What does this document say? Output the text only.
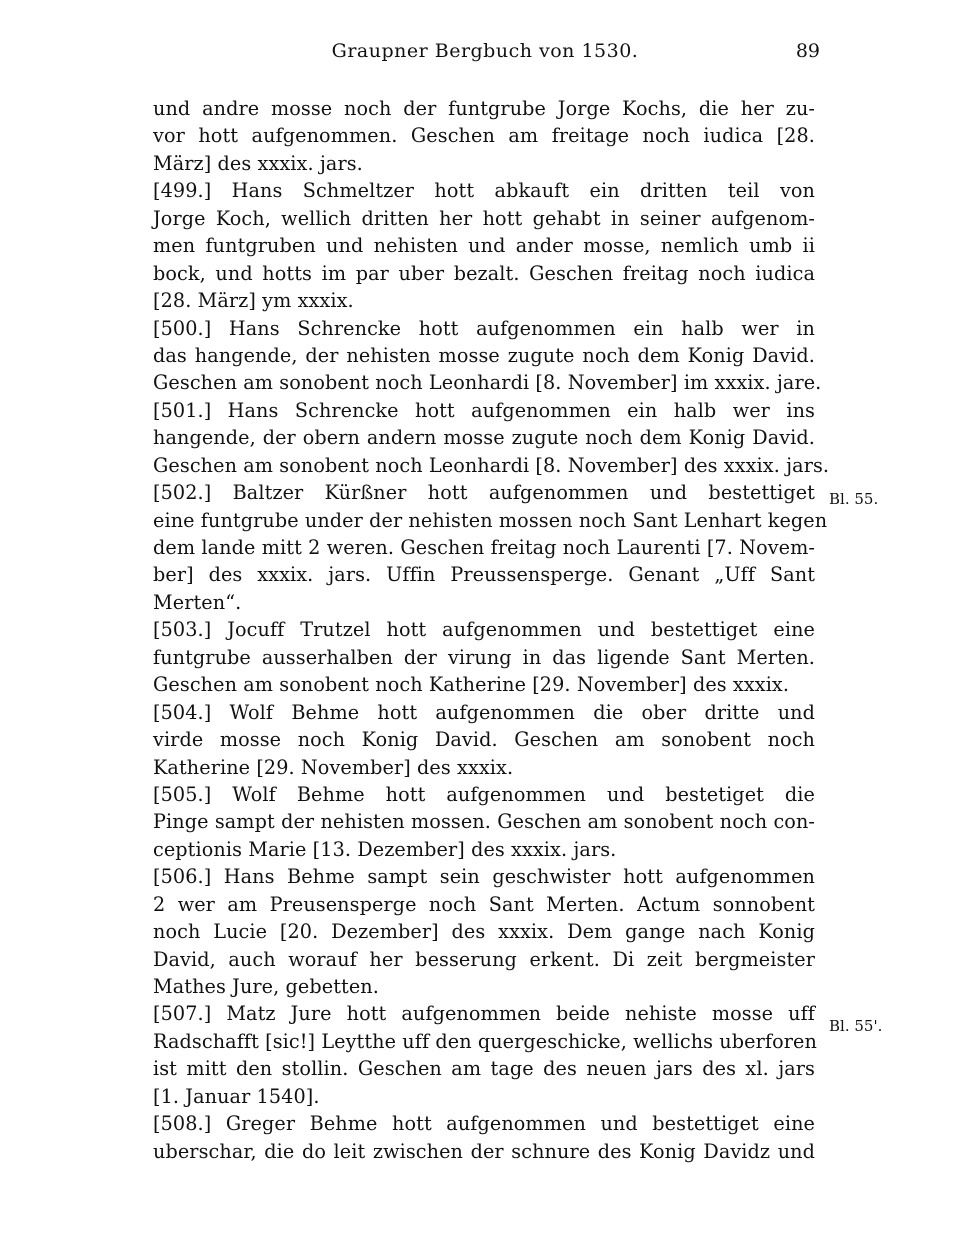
Graupner Bergbuch von 1530.	89
und andre mosse noch der funtgrube Jorge Kochs, die her zu-
vor hott aufgenommen. Geschen am freitage noch iudica [28.
März] des xxxix. jars.
[499.] Hans Schmeltzer hott abkauft ein dritten teil von
Jorge Koch, wellich dritten her hott gehabt in seiner aufgenom-
men funtgruben und nehisten und ander mosse, nemlich umb ii
bock, und hotts im par uber bezalt. Geschen freitag noch iudica
[28. März] ym xxxix.
[500.] Hans Schrencke hott aufgenommen ein halb wer in
das hangende, der nehisten mosse zugute noch dem Konig David.
Geschen am sonobent noch Leonhardi [8. November] im xxxix. jare.
[501.] Hans Schrencke hott aufgenommen ein halb wer ins
hangende, der obern andern mosse zugute noch dem Konig David.
Geschen am sonobent noch Leonhardi [8. November] des xxxix. jars.
[502.] Baltzer Kürßner hott aufgenommen und bestettiget
eine funtgrube under der nehisten mossen noch Sant Lenhart kegen
dem lande mitt 2 weren. Geschen freitag noch Laurenti [7. Novem-
ber] des xxxix. jars. Uffin Preussensperge. Genant „Uff Sant
Merten“.
[503.] Jocuff Trutzel hott aufgenommen und bestettiget eine
funtgrube ausserhalben der virung in das ligende Sant Merten.
Geschen am sonobent noch Katherine [29. November] des xxxix.
[504.] Wolf Behme hott aufgenommen die ober dritte und
virde mosse noch Konig David. Geschen am sonobent noch
Katherine [29. November] des xxxix.
[505.] Wolf Behme hott aufgenommen und bestetiget die
Pinge sampt der nehisten mossen. Geschen am sonobent noch con-
ceptionis Marie [13. Dezember] des xxxix. jars.
[506.] Hans Behme sampt sein geschwister hott aufgenommen
2 wer am Preusensperge noch Sant Merten. Actum sonnobent
noch Lucie [20. Dezember] des xxxix. Dem gange nach Konig
David, auch worauf her besserung erkent. Di zeit bergmeister
Mathes Jure, gebetten.
[507.] Matz Jure hott aufgenommen beide nehiste mosse uff
Radschafft [sic!] Leytthe uff den quergeschicke, wellichs uberforen
ist mitt den stollin. Geschen am tage des neuen jars des xl. jars
[1. Januar 1540].
[508.] Greger Behme hott aufgenommen und bestettiget eine
uberschar, die do leit zwischen der schnure des Konig Davidz und
Bl. 55.
Bl. 55'.
